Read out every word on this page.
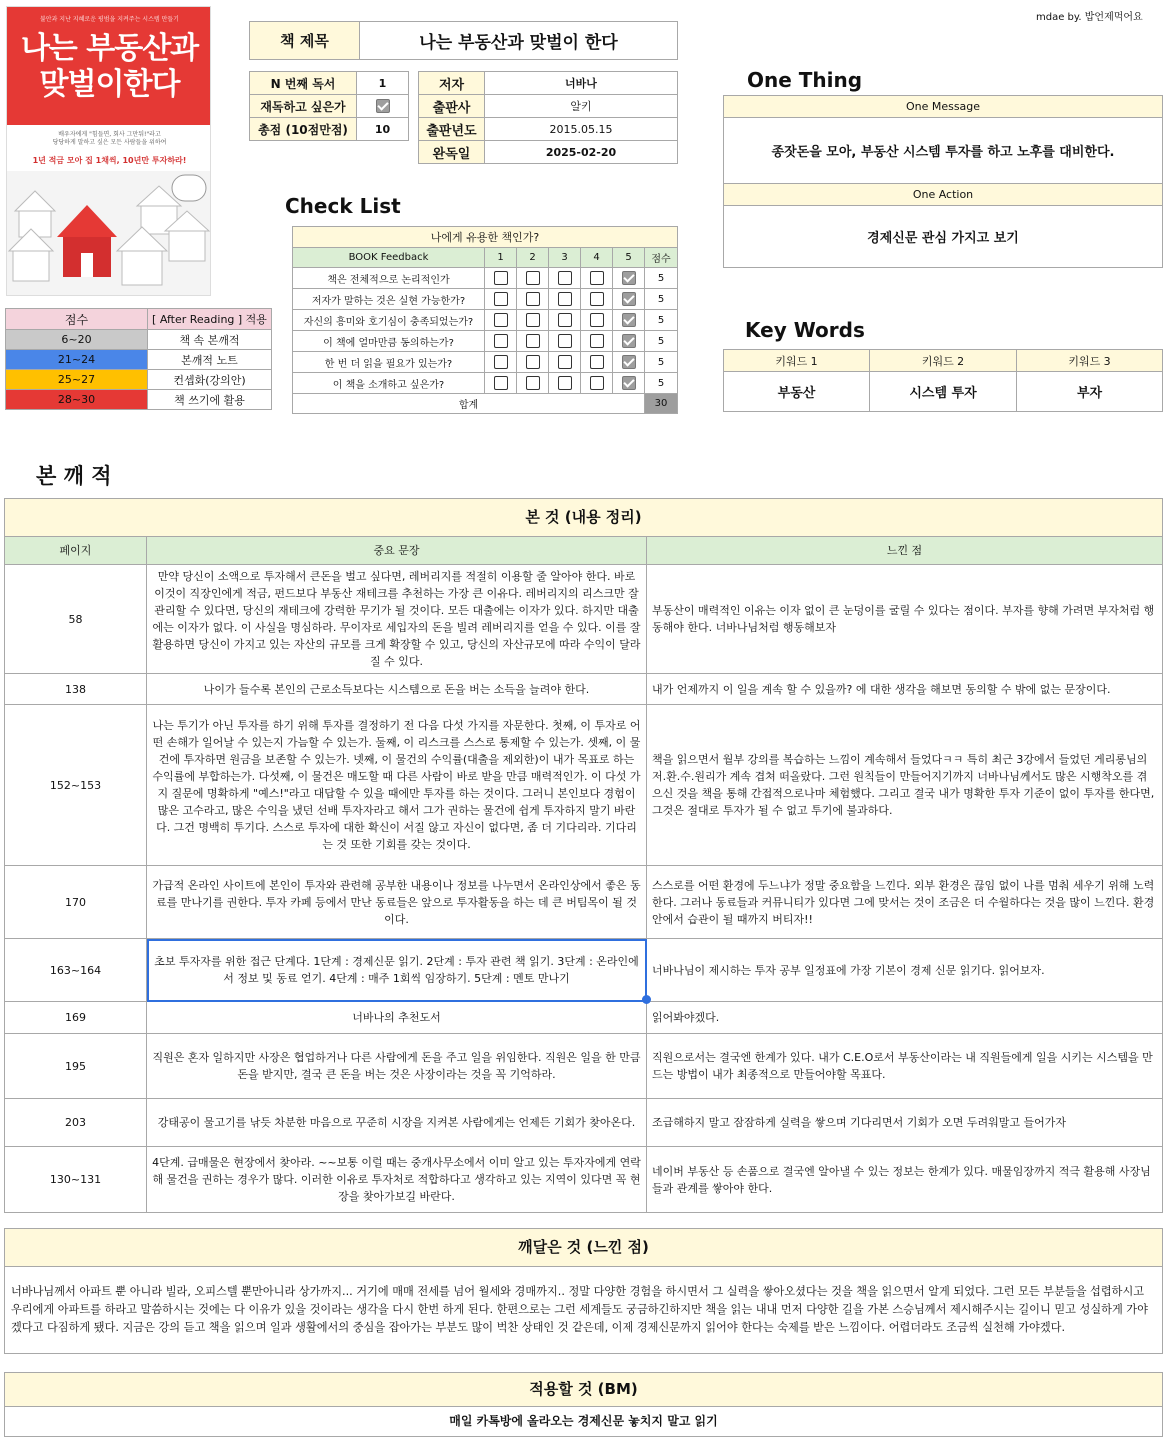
mdae by. 밥언제먹어요
불안과 지난 지혜로운 핑범을 지켜주는 시스템 만들기
나는 부동산과
맞벌이한다
배우자에게 "힘들면, 회사 그만둬!"라고
당당하게 말하고 싶은 모든 사람들을 위하여
1년 적금 모아 집 1채씩, 10년만 투자하라!
책 제목	나는 부동산과 맞벌이 한다
N 번째 독서	1
재독하고 싶은가	
총점 (10점만점)	10
저자	너바나
출판사	알키
출판년도	2015.05.15
완독일	2025-02-20
점수	[ After Reading ] 적용
6~20	책 속 본깨적
21~24	본깨적 노트
25~27	컨셉화(강의안)
28~30	책 쓰기에 활용
Check List
나에게 유용한 책인가?						
BOOK Feedback	1	2	3	4	5	점수
책은 전체적으로 논리적인가						5
저자가 말하는 것은 실현 가능한가?						5
자신의 흥미와 호기심이 충족되었는가?						5
이 책에 얼마만큼 동의하는가?						5
한 번 더 읽을 필요가 있는가?						5
이 책을 소개하고 싶은가?						5
합계						30
One Thing
One Message
종잣돈을 모아, 부동산 시스템 투자를 하고 노후를 대비한다.
One Action
경제신문 관심 가지고 보기
Key Words
키워드 1	키워드 2	키워드 3
부동산	시스템 투자	부자
본 깨 적
본 것 (내용 정리)		
페이지	중요 문장	느낀 점
58	만약 당신이 소액으로 투자해서 큰돈을 벌고 싶다면, 레버리지를 적절히 이용할 줄 알아야 한다. 바로 이것이 직장인에게 적금, 펀드보다 부동산 재테크를 추천하는 가장 큰 이유다. 레버리지의 리스크만 잘 관리할 수 있다면, 당신의 재테크에 강력한 무기가 될 것이다. 모든 대출에는 이자가 있다. 하지만 대출에는 이자가 없다. 이 사실을 명심하라. 무이자로 세입자의 돈을 빌려 레버리지를 얻을 수 있다. 이를 잘 활용하면 당신이 가지고 있는 자산의 규모를 크게 확장할 수 있고, 당신의 자산규모에 따라 수익이 달라질 수 있다.	부동산이 매력적인 이유는 이자 없이 큰 눈덩이를 굴릴 수 있다는 점이다. 부자를 향해 가려면 부자처럼 행동해야 한다. 너바나님처럼 행동해보자
138	나이가 들수록 본인의 근로소득보다는 시스템으로 돈을 버는 소득을 늘려야 한다.	내가 언제까지 이 일을 계속 할 수 있을까? 에 대한 생각을 해보면 동의할 수 밖에 없는 문장이다.
152~153	나는 투기가 아닌 투자를 하기 위해 투자를 결정하기 전 다음 다섯 가지를 자문한다. 첫째, 이 투자로 어떤 손해가 일어날 수 있는지 가늠할 수 있는가. 둘째, 이 리스크를 스스로 통제할 수 있는가. 셋째, 이 물건에 투자하면 원금을 보존할 수 있는가. 넷째, 이 물건의 수익률(대출을 제외한)이 내가 목표로 하는 수익률에 부합하는가. 다섯째, 이 물건은 매도할 때 다른 사람이 바로 받을 만큼 매력적인가. 이 다섯 가지 질문에 명확하게 "예스!"라고 대답할 수 있을 때에만 투자를 하는 것이다. 그러니 본인보다 경험이 많은 고수라고, 많은 수익을 냈던 선배 투자자라고 해서 그가 권하는 물건에 쉽게 투자하지 말기 바란다. 그건 명백히 투기다. 스스로 투자에 대한 확신이 서질 않고 자신이 없다면, 좀 더 기다리라. 기다리는 것 또한 기회를 갖는 것이다.	책을 읽으면서 월부 강의를 복습하는 느낌이 계속해서 들었다ㅋㅋ 특히 최근 3강에서 들었던 게리롱님의 저.환.수.원리가 계속 겹쳐 떠올랐다. 그런 원칙들이 만들어지기까지 너바나님께서도 많은 시행착오를 겪으신 것을 책을 통해 간접적으로나마 체험했다. 그리고 결국 내가 명확한 투자 기준이 없이 투자를 한다면, 그것은 절대로 투자가 될 수 없고 투기에 불과하다.
170	가급적 온라인 사이트에 본인이 투자와 관련해 공부한 내용이나 정보를 나누면서 온라인상에서 좋은 동료를 만나기를 권한다. 투자 카페 등에서 만난 동료들은 앞으로 투자활동을 하는 데 큰 버팀목이 될 것이다.	스스로를 어떤 환경에 두느냐가 정말 중요함을 느낀다. 외부 환경은 끊임 없이 나를 멈춰 세우기 위해 노력한다. 그러나 동료들과 커뮤니티가 있다면 그에 맞서는 것이 조금은 더 수월하다는 것을 많이 느낀다. 환경 안에서 습관이 될 때까지 버티자!!
163~164	초보 투자자를 위한 접근 단계다. 1단계 : 경제신문 읽기. 2단계 : 투자 관련 책 읽기. 3단계 : 온라인에서 정보 및 동료 얻기. 4단계 : 매주 1회씩 임장하기. 5단계 : 멘토 만나기	너바나님이 제시하는 투자 공부 일정표에 가장 기본이 경제 신문 읽기다. 읽어보자.
169	너바나의 추천도서	읽어봐야겠다.
195	직원은 혼자 일하지만 사장은 협업하거나 다른 사람에게 돈을 주고 일을 위임한다. 직원은 일을 한 만큼 돈을 받지만, 결국 큰 돈을 버는 것은 사장이라는 것을 꼭 기억하라.	직원으로서는 결국엔 한계가 있다. 내가 C.E.O로서 부동산이라는 내 직원들에게 일을 시키는 시스템을 만드는 방법이 내가 최종적으로 만들어야할 목표다.
203	강태공이 물고기를 낚듯 차분한 마음으로 꾸준히 시장을 지켜본 사람에게는 언제든 기회가 찾아온다.	조급해하지 말고 잠잠하게 실력을 쌓으며 기다리면서 기회가 오면 두려워말고 들어가자
130~131	4단계. 급매물은 현장에서 찾아라. ~~보통 이럴 때는 중개사무소에서 이미 알고 있는 투자자에게 연락해 물건을 권하는 경우가 많다. 이러한 이유로 투자처로 적합하다고 생각하고 있는 지역이 있다면 꼭 현장을 찾아가보길 바란다.	네이버 부동산 등 손품으로 결국엔 알아낼 수 있는 정보는 한계가 있다. 매물임장까지 적극 활용해 사장님들과 관계를 쌓아야 한다.
깨달은 것 (느낀 점)
너바나님께서 아파트 뿐 아니라 빌라, 오피스텔 뿐만아니라 상가까지... 거기에 매매 전세를 넘어 월세와 경매까지.. 정말 다양한 경험을 하시면서 그 실력을 쌓아오셨다는 것을 책을 읽으면서 알게 되었다. 그런 모든 부분들을 섭렵하시고 우리에게 아파트를 하라고 말씀하시는 것에는 다 이유가 있을 것이라는 생각을 다시 한번 하게 된다. 한편으로는 그런 세계들도 궁금하긴하지만 책을 읽는 내내 먼저 다양한 길을 가본 스승님께서 제시해주시는 길이니 믿고 성실하게 가야겠다고 다짐하게 됐다. 지금은 강의 듣고 책을 읽으며 일과 생활에서의 중심을 잡아가는 부분도 많이 벅찬 상태인 것 같은데, 이제 경제신문까지 읽어야 한다는 숙제를 받은 느낌이다. 어렵더라도 조금씩 실천해 가야겠다.
적용할 것 (BM)
매일 카톡방에 올라오는 경제신문 놓치지 말고 읽기
